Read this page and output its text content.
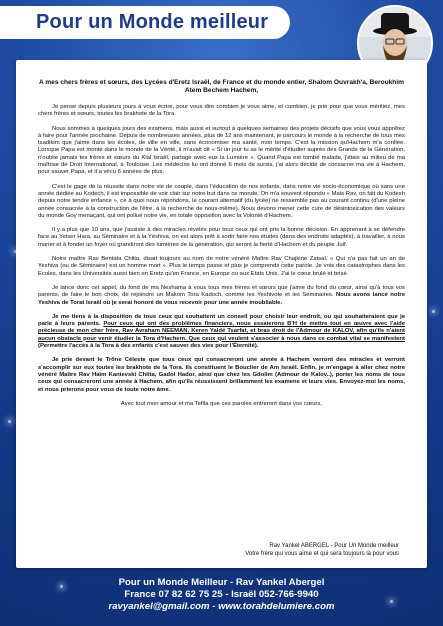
Pour un Monde meilleur

A mes chers frères et sœurs, des Lycées d'Eretz Israël, de France et du monde entier, Shalom Ouvrakh'a, Beroukhim Atem Bechem Hachem,

Je pense depuis plusieurs jours à vous écrire, pour vous dire combien je vous aime, et combien, je prie pour que vous méritiez, mes chers frères et sœurs, toutes les brakhote de la Tora.

Nous sommes à quelques jours des examens, mais aussi et surtout à quelques semaines des projets décisifs que vous vous apprêtez à faire pour l'année prochaine. Depuis de nombreuses années, plus de 12 ans maintenant, je parcours le monde à la recherche de tous mes tsadikim que j'aime dans les écoles, de ville en ville, sans économiser ma santé, mon temps. C'est la mission qu'Hachem m'a confiée. Lorsque Papa est monté dans le monde de la Vérité, il m'avait dit « Si un jour tu as le mérite d'étudier auprès des Grands de la Génération, n'oublie jamais tes frères et sœurs du Klal Israël, partage avec eux la Lumière ». Quand Papa est tombé malade, j'étais au milieu de ma maîtrise de Droit International, à Toulouse. Les médecins lui ont donné 6 mois de sursis, j'ai alors décidé de consacrer ma vie à Hachem, pour sauver Papa, et il a vécu 6 années de plus.

C'est le gage de la réussite dans notre vie de couple, dans l'éducation de nos enfants, dans notre vie socio-économique où sans une année dédiée au Kodech, il est impossible de voir clair sur notre but dans ce monde. On m'a souvent répondu « Mais Rav, on fait du Kodesh depuis notre tendre enfance », ce à quoi nous répondons, le courant alternatif (du lycée) ne ressemble pas au courant continu (d'une pleine année consacrée à la construction de l'être, à la recherche de nous-même). Nous devons mener cette cure de désintoxication des valeurs du monde Goy menaçant, qui ont pollué notre vie, en totale opposition avec la Volonté d'Hachem.

Il y a plus que 10 ans, que j'assiste à des miracles révélés pour tous ceux qui ont pris la bonne décision. En apprenant à se défendre face au Yetser Hara, au Séminaire et à la Yéshiva, on est alors prêt à sortir faire nos études (dans des endroits adaptés), à travailler, à nous marier et à fonder un foyer où grandiront des lumières de la génération, qui seront la fierté d'Hachem et du peuple Juif.

Notre maître Rav Bentata Chlita, disait toujours au nom de notre vénéré Maître Rav Chajkine Zatsal, « Qui n'a pas fait un an de Yeshiva (ou de Séminaire) est un homme mort ». Plus le temps passe et plus je comprends cette parole. Je vois des catastrophes dans les Ecoles, dans les Universités aussi bien en Eretz qu'en France, en Europe ou aux Etats Unis. J'ai le cœur brulé et brisé.

Je lance donc cet appel, du fond de ma Neshama à vous tous mes frères et sœurs que j'aime du fond du cœur, ainsi qu'à tous vos parents, de faire le bon choix, de rejoindre un Makom Tora Kadoch, comme les Yeshivote et les Séminaires. Nous avons lancé notre Yeshiva de Torat Israël où je serai honoré de vous recevoir pour une année inoubliable.

Je me tiens à la disposition de tous ceux qui souhaitent un conseil pour choisir leur endroit, ou qui souhaiteraient que je parle à leurs parents. Pour ceux qui ont des problèmes financiers, nous essaierons B'H de mettre tout en œuvre avec l'aide précieuse de mon cher frère, Rav Avraham NEEMAN, Keren Yaldé Tsarfat, et bras droit de l'Admour de KALOV, afin qu'ils n'aient aucun obstacle pour venir étudier la Tora d'Hachem. Que ceux qui veulent s'associer à nous dans ce combat vital se manifestent (Permettre l'accès à la Tora à des enfants c'est sauver des vies pour l'Éternité).

Je prie devant le Trône Céleste que tous ceux qui consacreront une année à Hachem verront des miracles et verront s'accomplir sur eux toutes les brakhote de la Tora. Ils constituent le Bouclier de Am Israël. Enfin, je m'engage à aller chez notre vénéré Maître Rav Haïm Kanievski Chlita, Gadol Hador, ainsi que chez les Gdolim (Admour de Kalov..), porter les noms de tous ceux qui consacreront une année à Hachem, afin qu'ils réussissent brillamment les examens et leurs vies. Envoyez-moi les noms, et nous prierons pour vous de toute notre âme.

Avec tout mon amour et ma Tefila que ces paroles entreront dans vos cœurs,

Rav Yankel ABERGEL - Pour Un Monde meilleur
Votre frère qui vous aime et qui sera toujours là pour vous
Pour un Monde Meilleur - Rav Yankel Abergel
France 07 82 62 75 25 - Israël 052-766-9940
ravyankel@gmail.com - www.torahdelumiere.com
